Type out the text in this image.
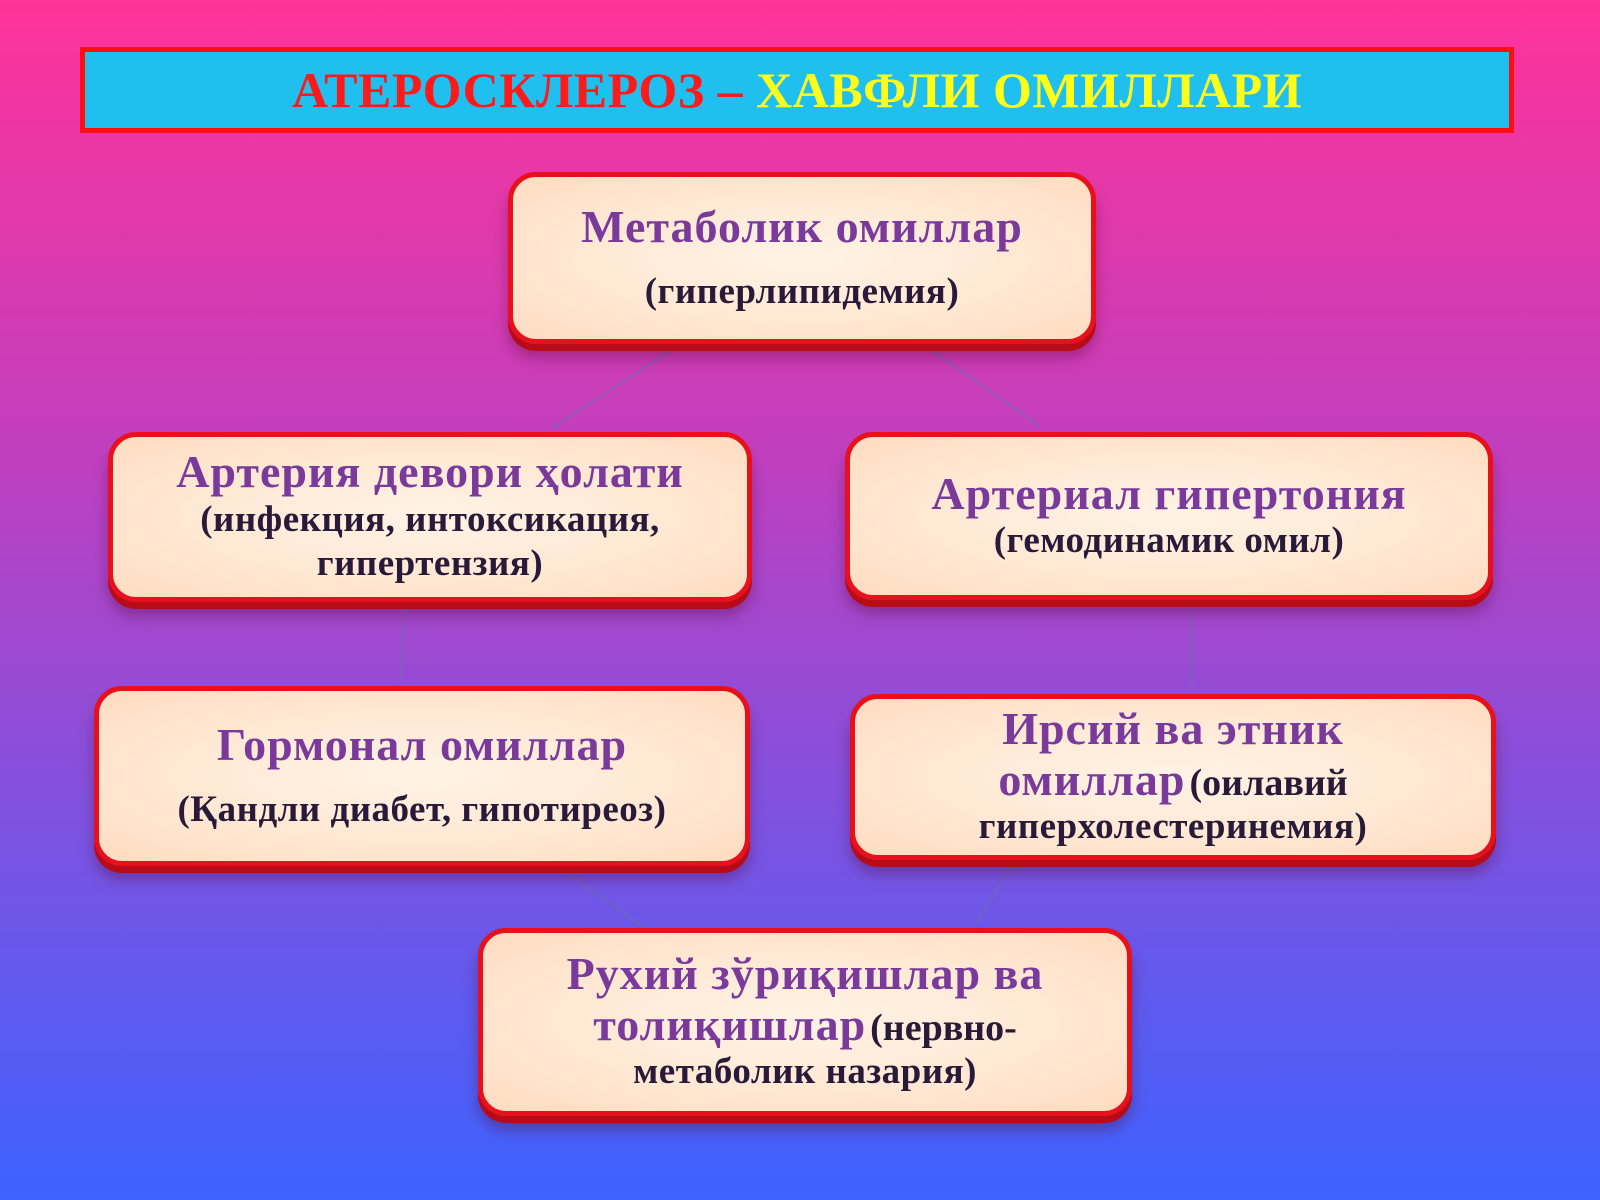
АТЕРОСКЛЕРОЗ –
ХАВФЛИ ОМИЛЛАРИ
Метаболик омиллар
(гиперлипидемия)
Артерия девори ҳолати
(инфекция, интоксикация,
гипертензия)
Артериал гипертония
(гемодинамик омил)
Гормонал омиллар
(Қандли диабет, гипотиреоз)
Ирсий ва этник
омиллар (оилавий
гиперхолестеринемия)
Рухий зўриқишлар ва
толиқишлар (нервно-
метаболик назария)
